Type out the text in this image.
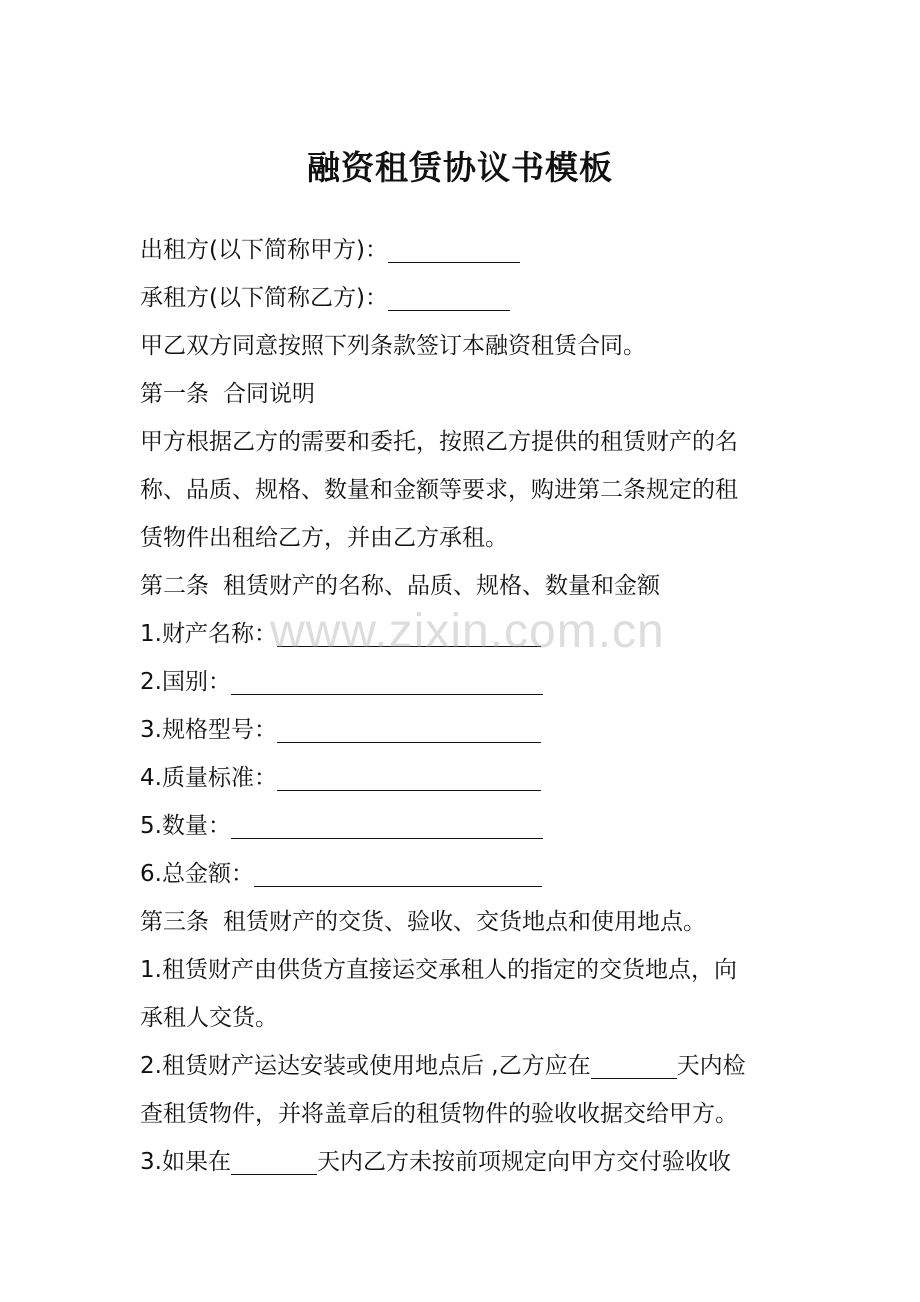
融资租赁协议书模板
出租方(以下简称甲方)：
承租方(以下简称乙方)：
甲乙双方同意按照下列条款签订本融资租赁合同。
第一条 合同说明
甲方根据乙方的需要和委托，按照乙方提供的租赁财产的名
称、品质、规格、数量和金额等要求，购进第二条规定的租
赁物件出租给乙方，并由乙方承租。
第二条 租赁财产的名称、品质、规格、数量和金额
1.财产名称：
2.国别：
3.规格型号：
4.质量标准：
5.数量：
6.总金额：
第三条 租赁财产的交货、验收、交货地点和使用地点。
1.租赁财产由供货方直接运交承租人的指定的交货地点，向
承租人交货。
2.租赁财产运达安装或使用地点后 ,乙方应在	天内检
查租赁物件，并将盖章后的租赁物件的验收收据交给甲方。
3.如果在	天内乙方未按前项规定向甲方交付验收收
www.zixin.com.cn
